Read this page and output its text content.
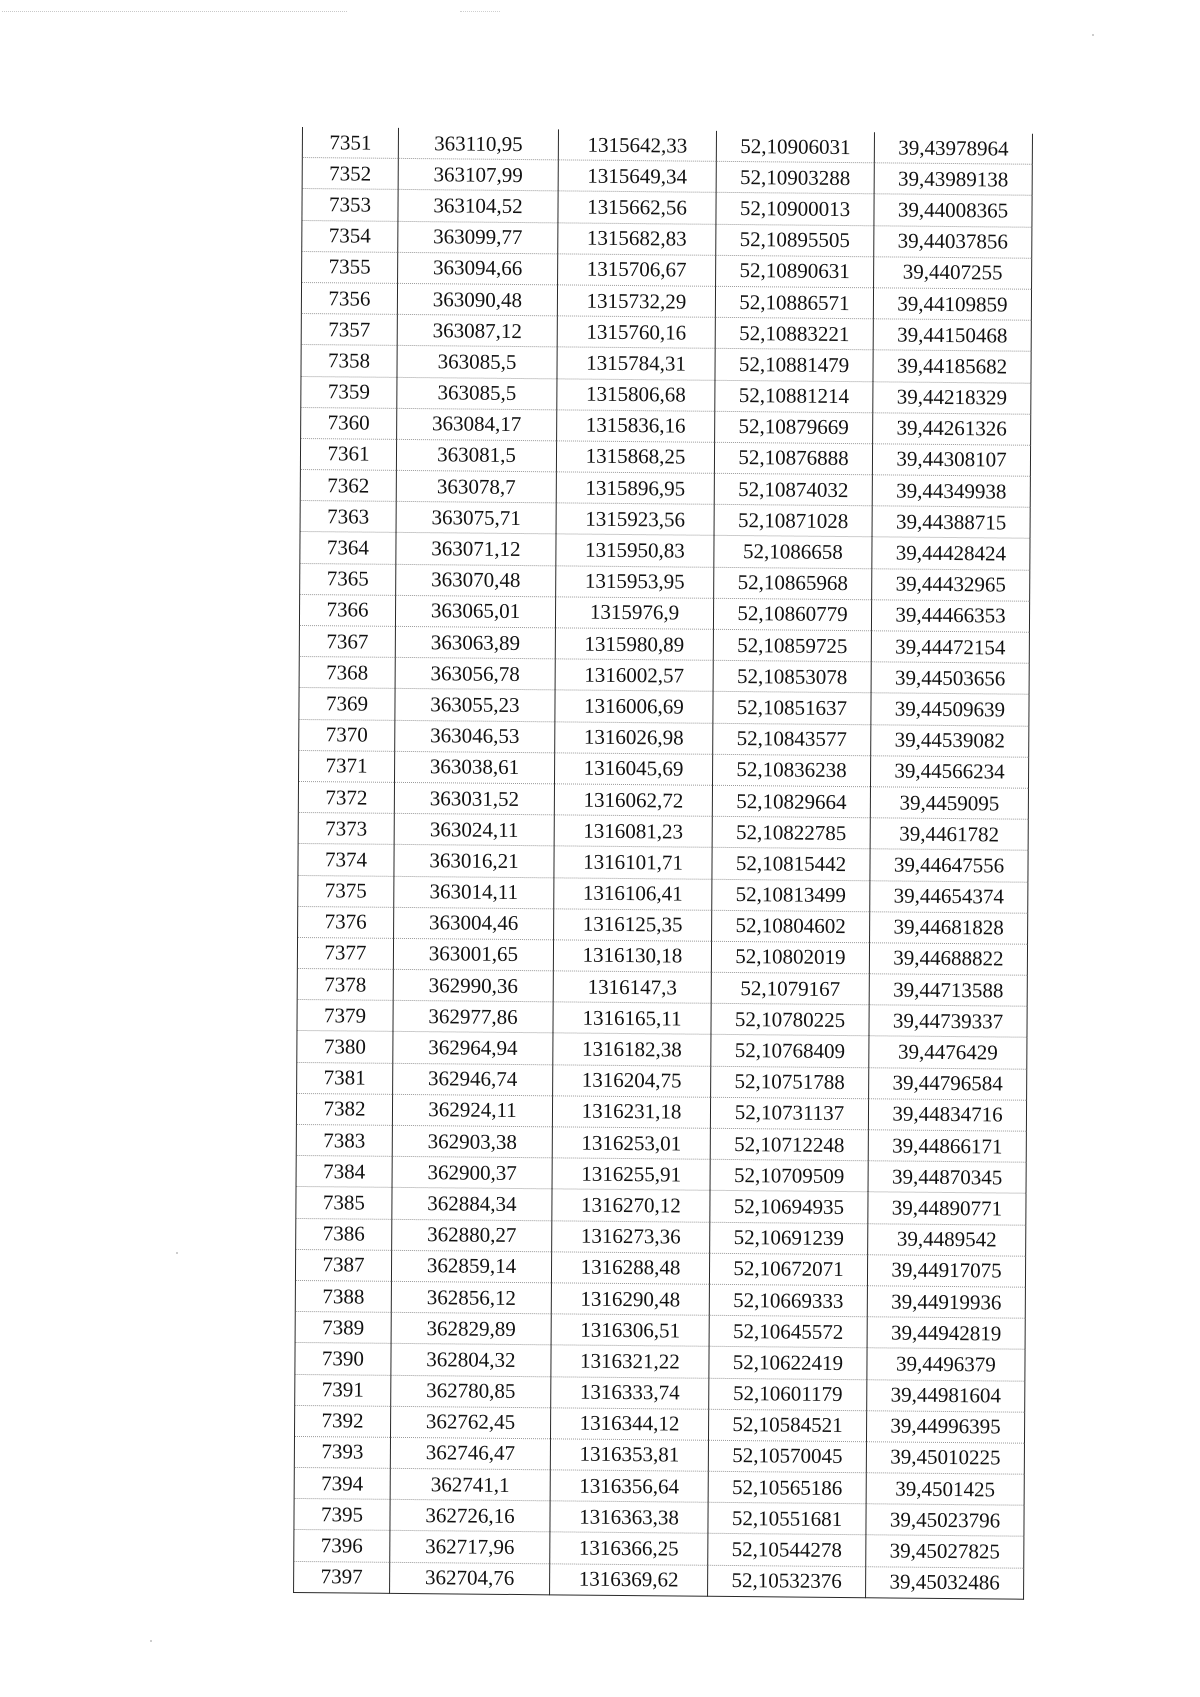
7351	363110,95	1315642,33	52,10906031	39,43978964
7352	363107,99	1315649,34	52,10903288	39,43989138
7353	363104,52	1315662,56	52,10900013	39,44008365
7354	363099,77	1315682,83	52,10895505	39,44037856
7355	363094,66	1315706,67	52,10890631	39,4407255
7356	363090,48	1315732,29	52,10886571	39,44109859
7357	363087,12	1315760,16	52,10883221	39,44150468
7358	363085,5	1315784,31	52,10881479	39,44185682
7359	363085,5	1315806,68	52,10881214	39,44218329
7360	363084,17	1315836,16	52,10879669	39,44261326
7361	363081,5	1315868,25	52,10876888	39,44308107
7362	363078,7	1315896,95	52,10874032	39,44349938
7363	363075,71	1315923,56	52,10871028	39,44388715
7364	363071,12	1315950,83	52,1086658	39,44428424
7365	363070,48	1315953,95	52,10865968	39,44432965
7366	363065,01	1315976,9	52,10860779	39,44466353
7367	363063,89	1315980,89	52,10859725	39,44472154
7368	363056,78	1316002,57	52,10853078	39,44503656
7369	363055,23	1316006,69	52,10851637	39,44509639
7370	363046,53	1316026,98	52,10843577	39,44539082
7371	363038,61	1316045,69	52,10836238	39,44566234
7372	363031,52	1316062,72	52,10829664	39,4459095
7373	363024,11	1316081,23	52,10822785	39,4461782
7374	363016,21	1316101,71	52,10815442	39,44647556
7375	363014,11	1316106,41	52,10813499	39,44654374
7376	363004,46	1316125,35	52,10804602	39,44681828
7377	363001,65	1316130,18	52,10802019	39,44688822
7378	362990,36	1316147,3	52,1079167	39,44713588
7379	362977,86	1316165,11	52,10780225	39,44739337
7380	362964,94	1316182,38	52,10768409	39,4476429
7381	362946,74	1316204,75	52,10751788	39,44796584
7382	362924,11	1316231,18	52,10731137	39,44834716
7383	362903,38	1316253,01	52,10712248	39,44866171
7384	362900,37	1316255,91	52,10709509	39,44870345
7385	362884,34	1316270,12	52,10694935	39,44890771
7386	362880,27	1316273,36	52,10691239	39,4489542
7387	362859,14	1316288,48	52,10672071	39,44917075
7388	362856,12	1316290,48	52,10669333	39,44919936
7389	362829,89	1316306,51	52,10645572	39,44942819
7390	362804,32	1316321,22	52,10622419	39,4496379
7391	362780,85	1316333,74	52,10601179	39,44981604
7392	362762,45	1316344,12	52,10584521	39,44996395
7393	362746,47	1316353,81	52,10570045	39,45010225
7394	362741,1	1316356,64	52,10565186	39,4501425
7395	362726,16	1316363,38	52,10551681	39,45023796
7396	362717,96	1316366,25	52,10544278	39,45027825
7397	362704,76	1316369,62	52,10532376	39,45032486
